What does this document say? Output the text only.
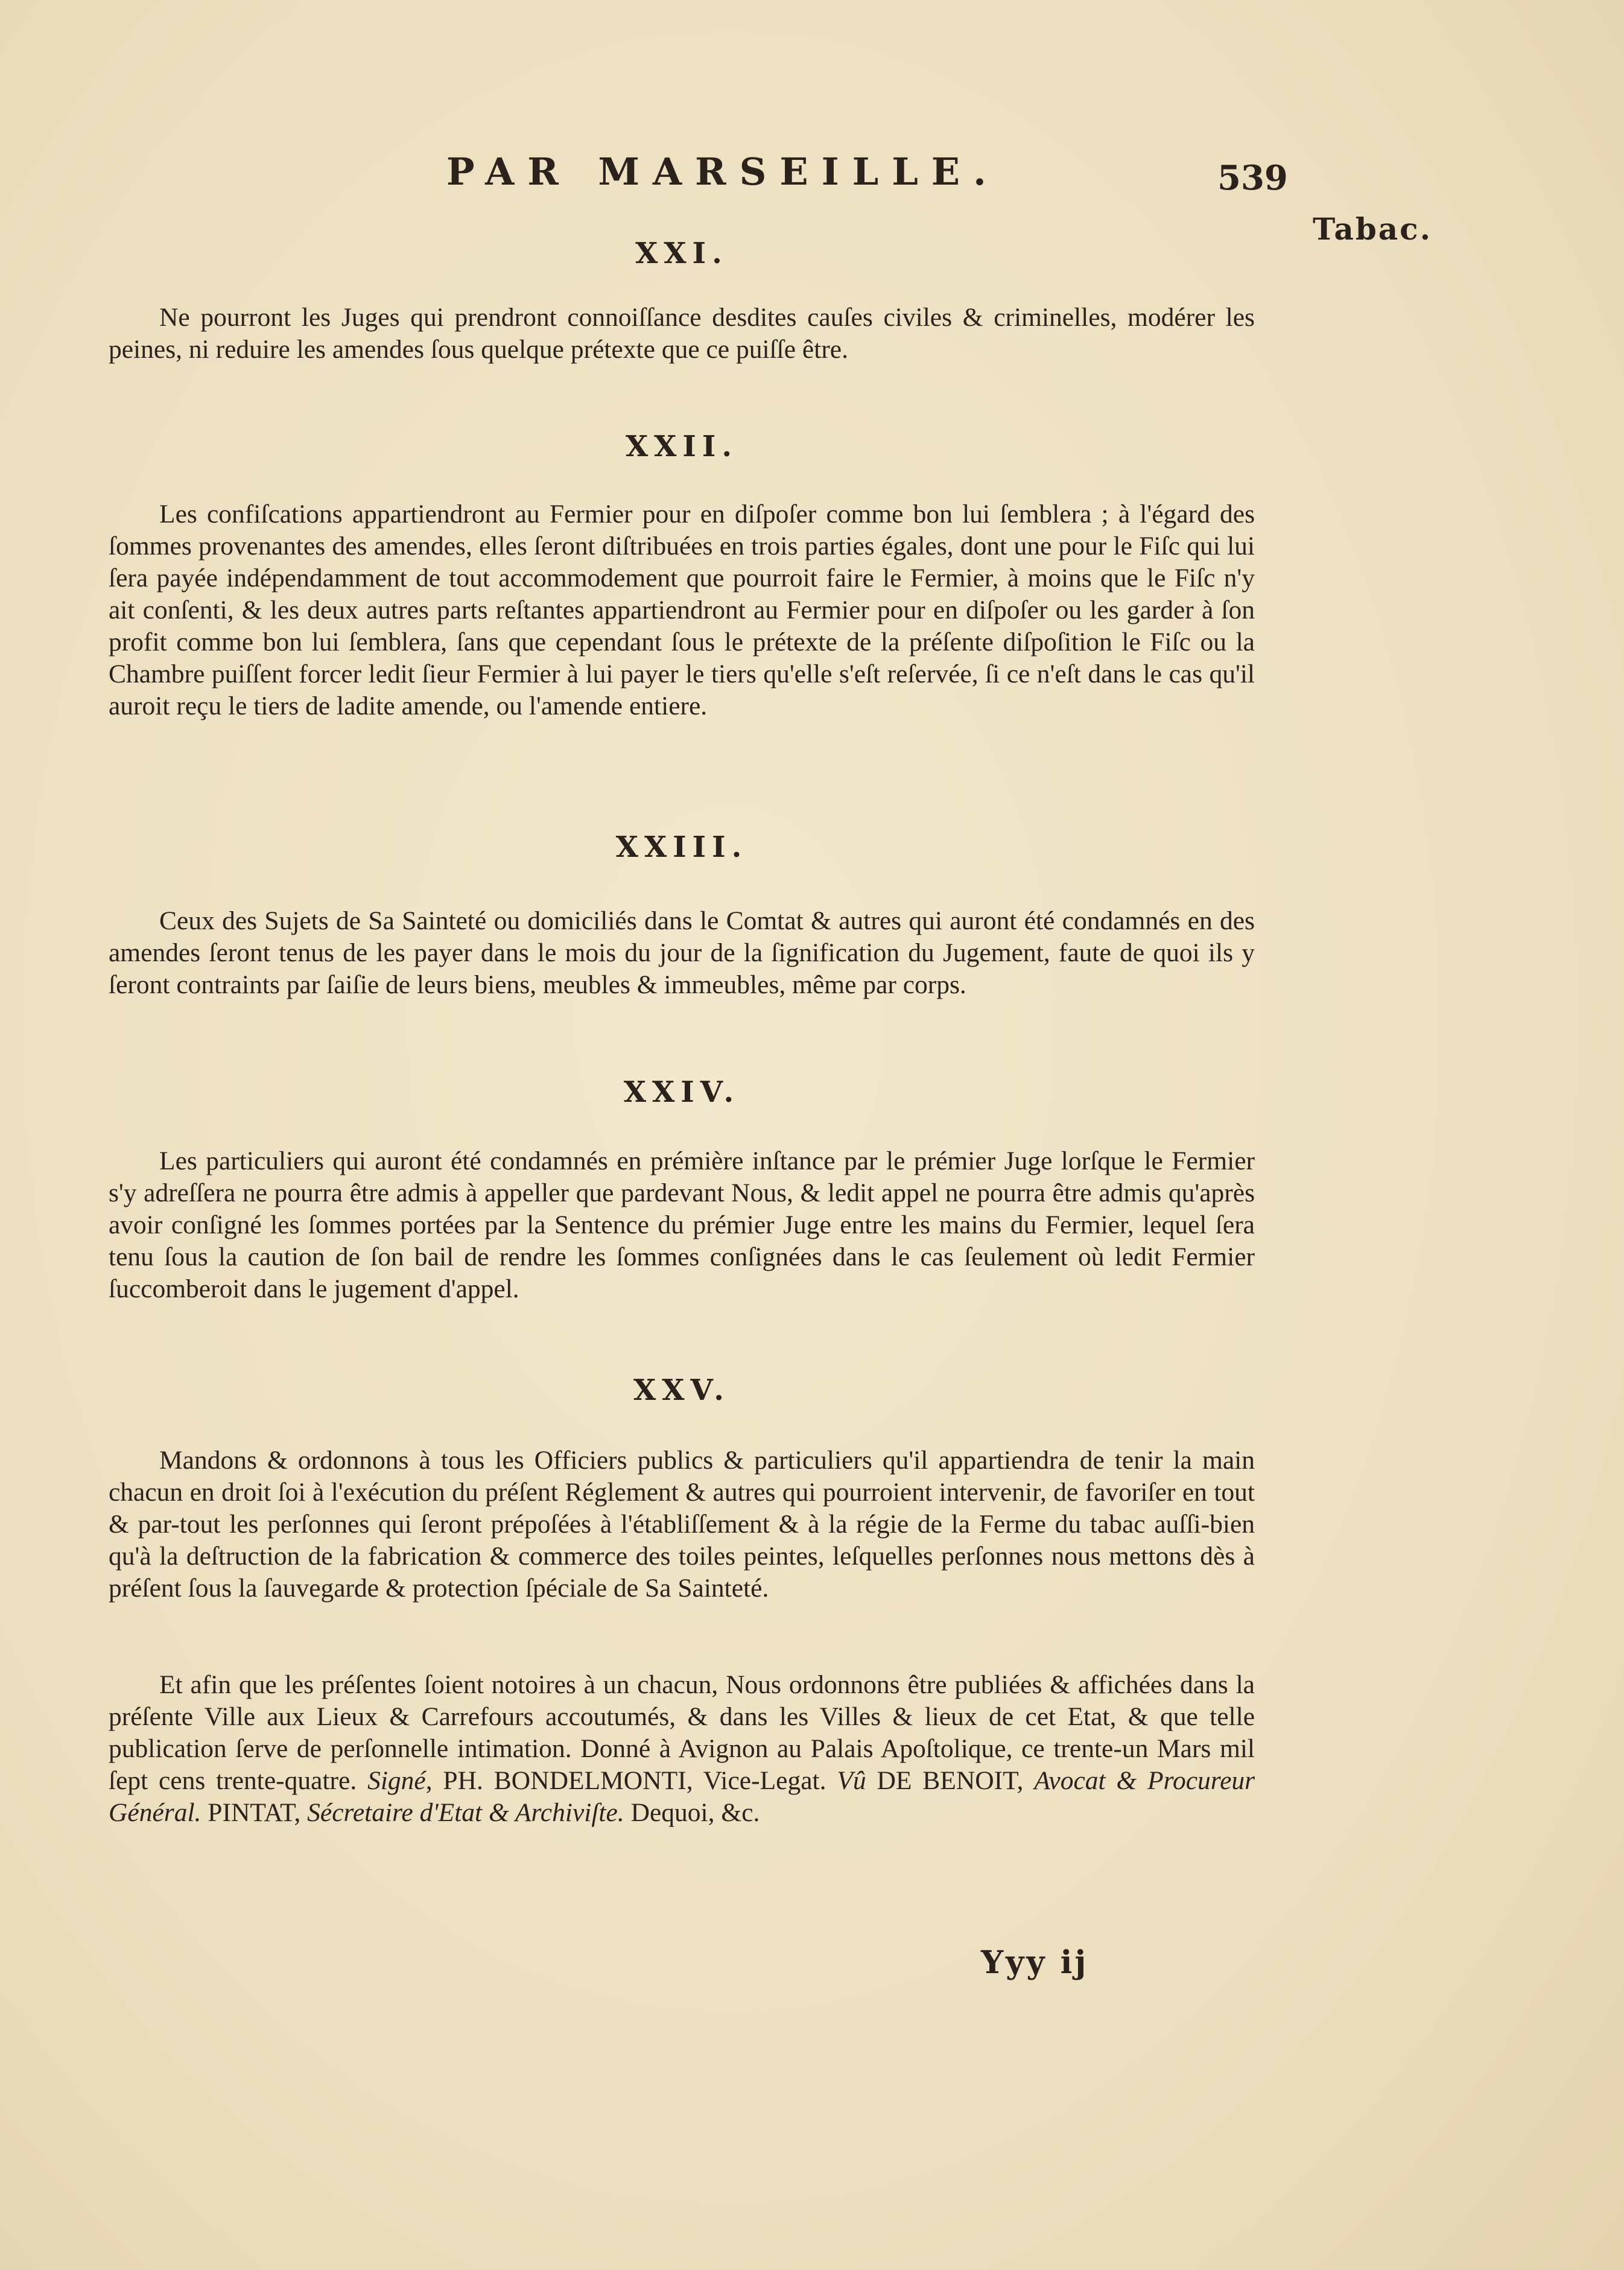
PAR MARSEILLE.	539
Tabac.
XXI.
Ne pourront les Juges qui prendront connoiſſance desdites cauſes civiles & criminelles, modérer les peines, ni reduire les amendes ſous quelque prétexte que ce puiſſe être.
XXII.
Les confiſcations appartiendront au Fermier pour en diſpoſer comme bon lui ſemblera ; à l'égard des ſommes provenantes des amendes, elles ſeront diſtribuées en trois parties égales, dont une pour le Fiſc qui lui ſera payée indépendamment de tout accommodement que pourroit faire le Fermier, à moins que le Fiſc n'y ait conſenti, & les deux autres parts reſtantes appartiendront au Fermier pour en diſpoſer ou les garder à ſon profit comme bon lui ſemblera, ſans que cependant ſous le prétexte de la préſente diſpoſition le Fiſc ou la Chambre puiſſent forcer ledit ſieur Fermier à lui payer le tiers qu'elle s'eſt reſervée, ſi ce n'eſt dans le cas qu'il auroit reçu le tiers de ladite amende, ou l'amende entiere.
XXIII.
Ceux des Sujets de Sa Sainteté ou domiciliés dans le Comtat & autres qui auront été condamnés en des amendes ſeront tenus de les payer dans le mois du jour de la ſignification du Jugement, faute de quoi ils y ſeront contraints par ſaiſie de leurs biens, meubles & immeubles, même par corps.
XXIV.
Les particuliers qui auront été condamnés en prémière inſtance par le prémier Juge lorſque le Fermier s'y adreſſera ne pourra être admis à appeller que pardevant Nous, & ledit appel ne pourra être admis qu'après avoir conſigné les ſommes portées par la Sentence du prémier Juge entre les mains du Fermier, lequel ſera tenu ſous la caution de ſon bail de rendre les ſommes conſignées dans le cas ſeulement où ledit Fermier ſuccomberoit dans le jugement d'appel.
XXV.
Mandons & ordonnons à tous les Officiers publics & particuliers qu'il appartiendra de tenir la main chacun en droit ſoi à l'exécution du préſent Réglement & autres qui pourroient intervenir, de favoriſer en tout & par-tout les perſonnes qui ſeront prépoſées à l'établiſſement & à la régie de la Ferme du tabac auſſi-bien qu'à la deſtruction de la fabrication & commerce des toiles peintes, leſquelles perſonnes nous mettons dès à préſent ſous la ſauvegarde & protection ſpéciale de Sa Sainteté.
Et afin que les préſentes ſoient notoires à un chacun, Nous ordonnons être publiées & affichées dans la préſente Ville aux Lieux & Carrefours accoutumés, & dans les Villes & lieux de cet Etat, & que telle publication ſerve de perſonnelle intimation. Donné à Avignon au Palais Apoſtolique, ce trente-un Mars mil ſept cens trente-quatre. Signé, PH. BONDELMONTI, Vice-Legat. Vû DE BENOIT, Avocat & Procureur Général. PINTAT, Sécretaire d'Etat & Archiviſte. Dequoi, &c.
Yyy ij
